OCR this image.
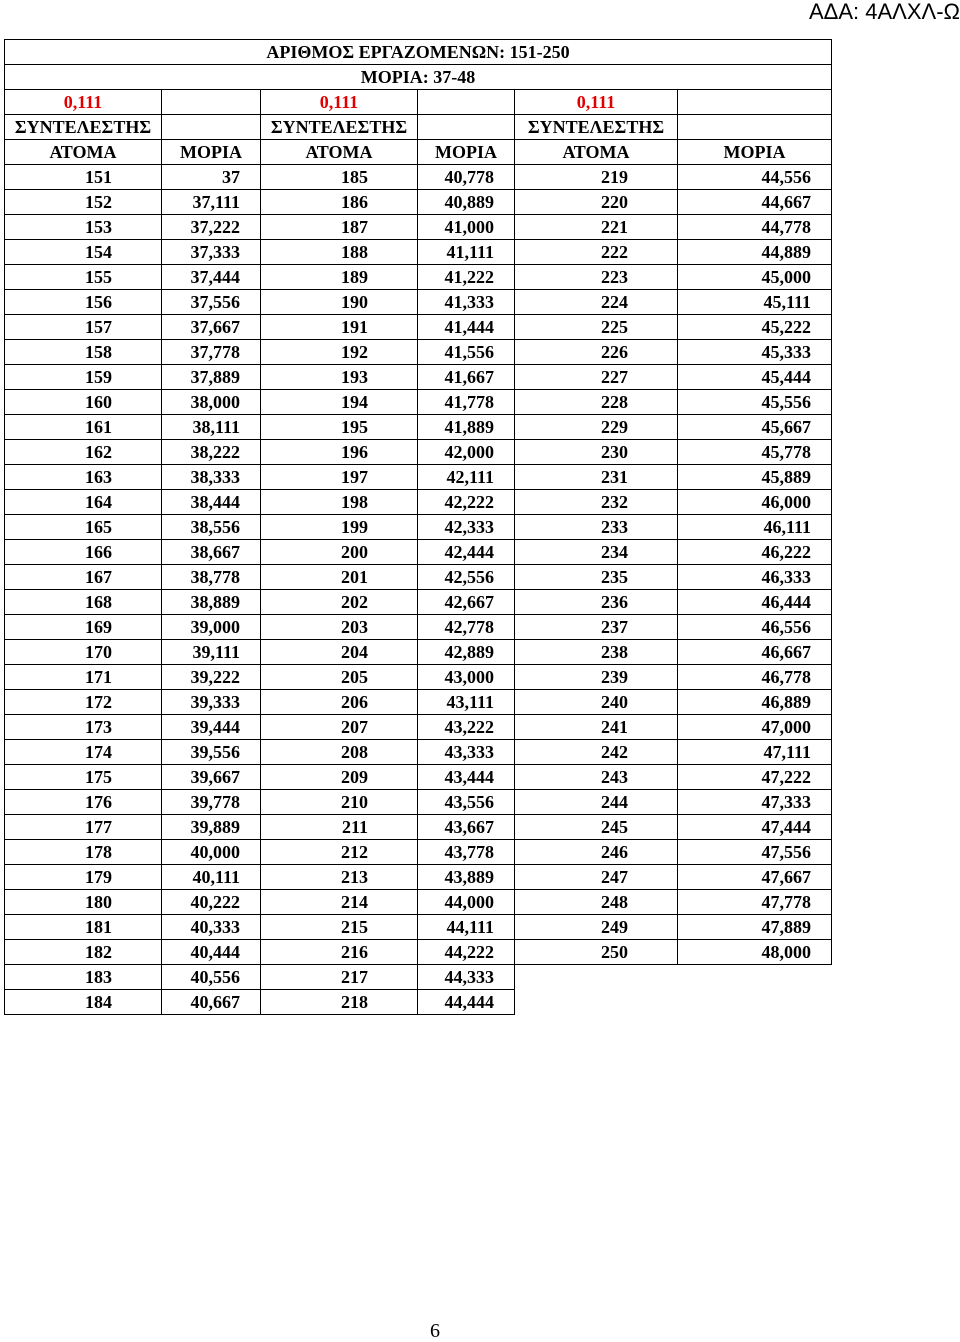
ΑΔΑ: 4ΑΛΧΛ-Ω
ΑΡΙΘΜΟΣ ΕΡΓΑΖΟΜΕΝΩΝ: 151-250					
ΜΟΡΙΑ: 37-48					
0,111		0,111		0,111	
ΣΥΝΤΕΛΕΣΤΗΣ		ΣΥΝΤΕΛΕΣΤΗΣ		ΣΥΝΤΕΛΕΣΤΗΣ	
ΑΤΟΜΑ	ΜΟΡΙΑ	ΑΤΟΜΑ	ΜΟΡΙΑ	ΑΤΟΜΑ	ΜΟΡΙΑ
151	37	185	40,778	219	44,556
152	37,111	186	40,889	220	44,667
153	37,222	187	41,000	221	44,778
154	37,333	188	41,111	222	44,889
155	37,444	189	41,222	223	45,000
156	37,556	190	41,333	224	45,111
157	37,667	191	41,444	225	45,222
158	37,778	192	41,556	226	45,333
159	37,889	193	41,667	227	45,444
160	38,000	194	41,778	228	45,556
161	38,111	195	41,889	229	45,667
162	38,222	196	42,000	230	45,778
163	38,333	197	42,111	231	45,889
164	38,444	198	42,222	232	46,000
165	38,556	199	42,333	233	46,111
166	38,667	200	42,444	234	46,222
167	38,778	201	42,556	235	46,333
168	38,889	202	42,667	236	46,444
169	39,000	203	42,778	237	46,556
170	39,111	204	42,889	238	46,667
171	39,222	205	43,000	239	46,778
172	39,333	206	43,111	240	46,889
173	39,444	207	43,222	241	47,000
174	39,556	208	43,333	242	47,111
175	39,667	209	43,444	243	47,222
176	39,778	210	43,556	244	47,333
177	39,889	211	43,667	245	47,444
178	40,000	212	43,778	246	47,556
179	40,111	213	43,889	247	47,667
180	40,222	214	44,000	248	47,778
181	40,333	215	44,111	249	47,889
182	40,444	216	44,222	250	48,000
183	40,556	217	44,333		
184	40,667	218	44,444		
6
